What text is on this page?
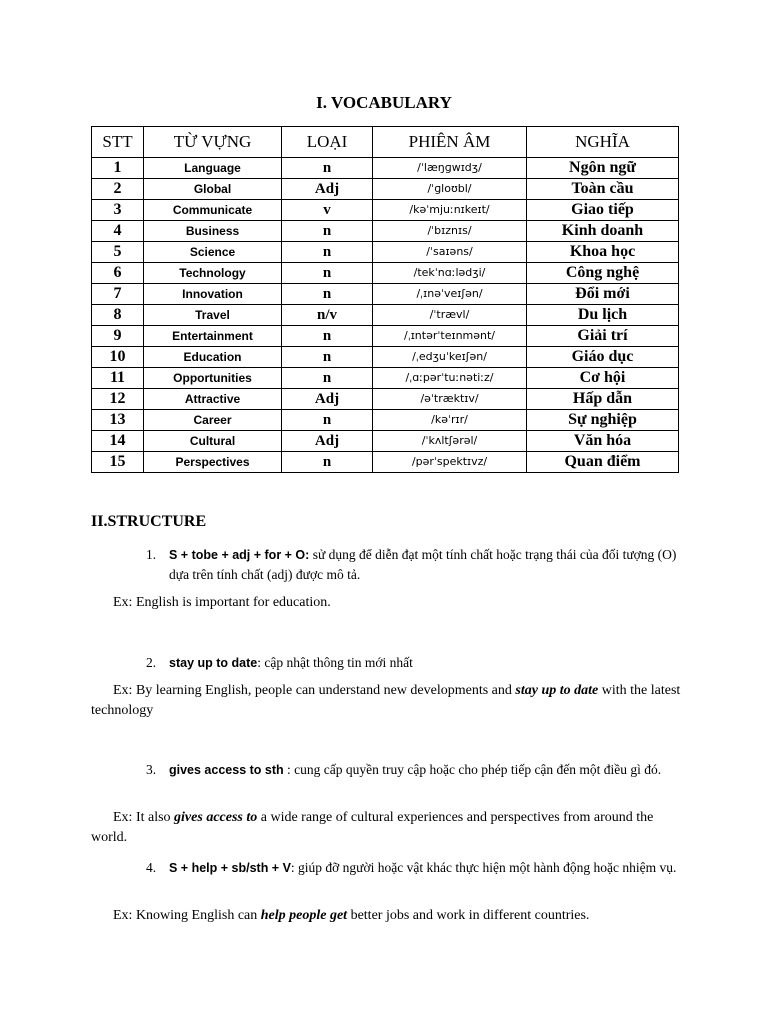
I. VOCABULARY
STT	TỪ VỰNG	LOẠI	PHIÊN ÂM	NGHĨA
1	Language	n	/ˈlæŋɡwɪdʒ/	Ngôn ngữ
2	Global	Adj	/ˈɡloʊbl/	Toàn cầu
3	Communicate	v	/kəˈmjuːnɪkeɪt/	Giao tiếp
4	Business	n	/ˈbɪznɪs/	Kinh doanh
5	Science	n	/ˈsaɪəns/	Khoa học
6	Technology	n	/tekˈnɑːlədʒi/	Công nghệ
7	Innovation	n	/ˌɪnəˈveɪʃən/	Đổi mới
8	Travel	n/v	/ˈtrævl/	Du lịch
9	Entertainment	n	/ˌɪntərˈteɪnmənt/	Giải trí
10	Education	n	/ˌedʒuˈkeɪʃən/	Giáo dục
11	Opportunities	n	/ˌɑːpərˈtuːnətiːz/	Cơ hội
12	Attractive	Adj	/əˈtræktɪv/	Hấp dẫn
13	Career	n	/kəˈrɪr/	Sự nghiệp
14	Cultural	Adj	/ˈkʌltʃərəl/	Văn hóa
15	Perspectives	n	/pərˈspektɪvz/	Quan điểm
II.STRUCTURE
1. S + tobe + adj + for + O: sử dụng để diễn đạt một tính chất hoặc trạng thái của đối tượng (O) dựa trên tính chất (adj) được mô tả.
Ex: English is important for education.
2. stay up to date: cập nhật thông tin mới nhất
Ex: By learning English, people can understand new developments and stay up to date with the latest technology
3. gives access to sth : cung cấp quyền truy cập hoặc cho phép tiếp cận đến một điều gì đó.
Ex: It also gives access to a wide range of cultural experiences and perspectives from around the world.
4. S + help + sb/sth + V: giúp đỡ người hoặc vật khác thực hiện một hành động hoặc nhiệm vụ.
Ex: Knowing English can help people get better jobs and work in different countries.
